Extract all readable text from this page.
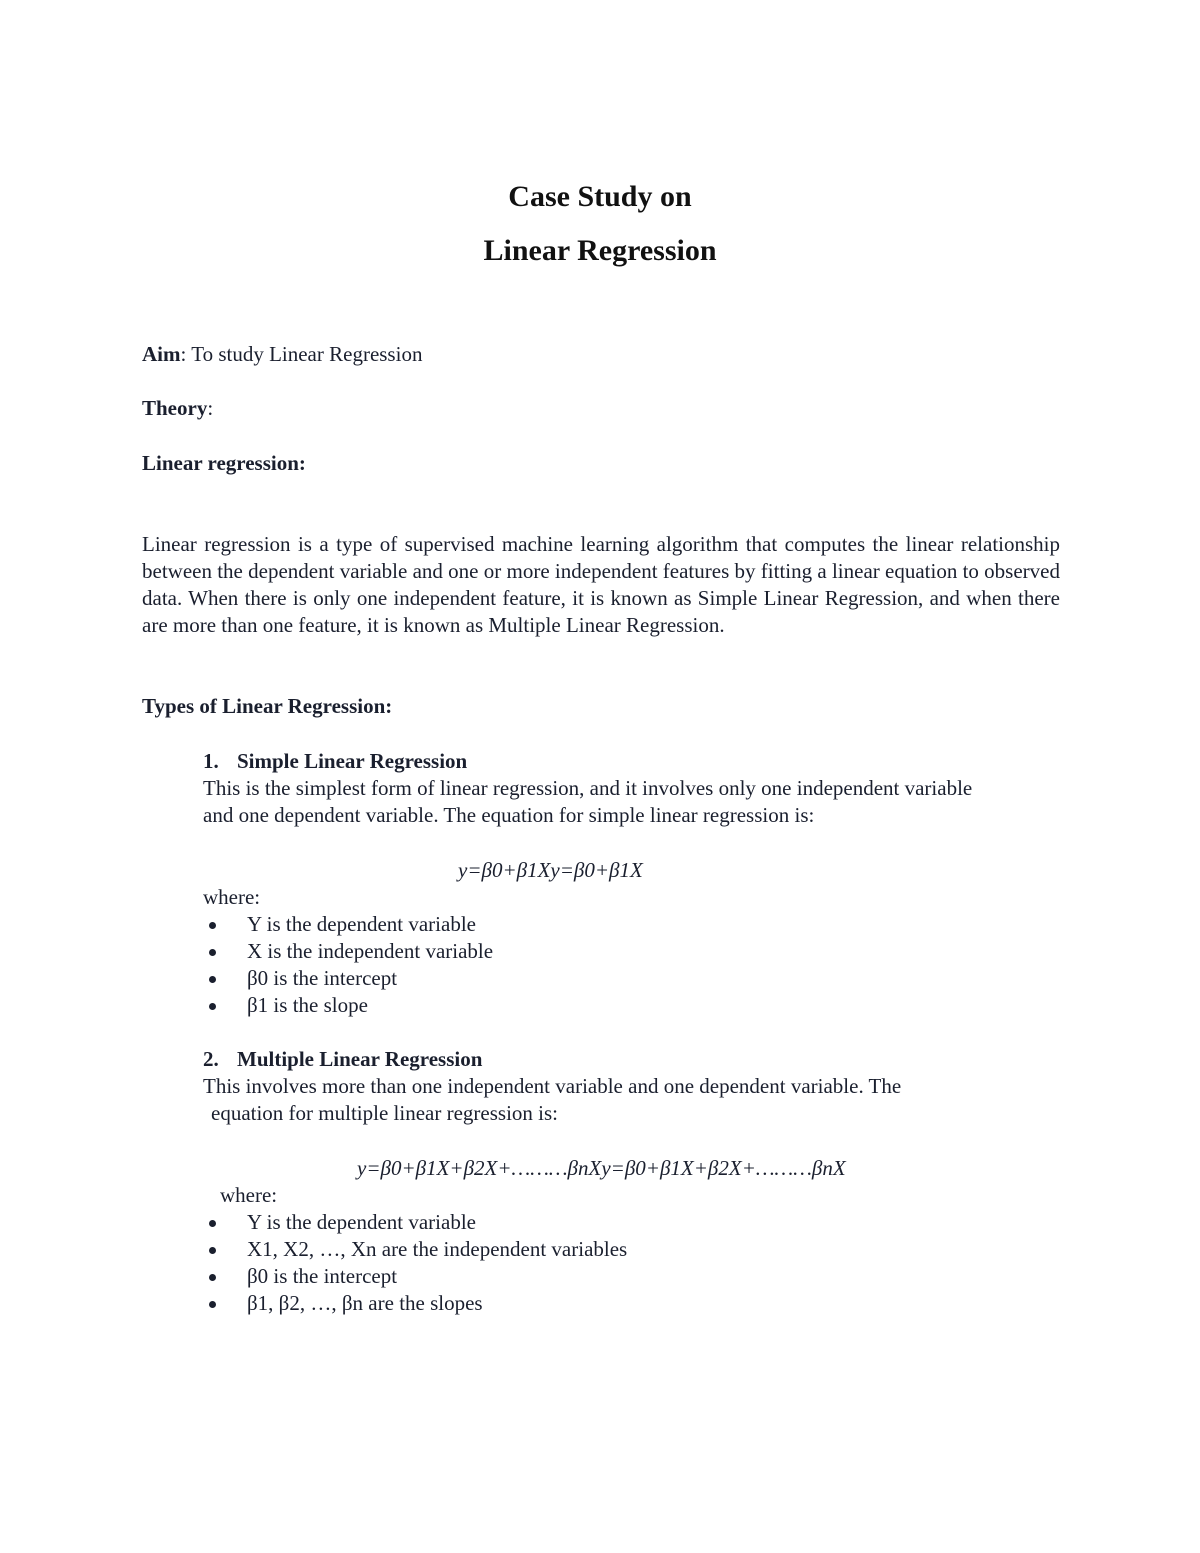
Case Study on
Linear Regression
Aim: To study Linear Regression
Theory:
Linear regression:
Linear regression is a type of supervised machine learning algorithm that computes the linear relationship between the dependent variable and one or more independent features by fitting a linear equation to observed data. When there is only one independent feature, it is known as Simple Linear Regression, and when there are more than one feature, it is known as Multiple Linear Regression.
Types of Linear Regression:
1. Simple Linear Regression
This is the simplest form of linear regression, and it involves only one independent variable and one dependent variable. The equation for simple linear regression is:
y=β0+β1Xy=β0+β1X
where:
Y is the dependent variable
X is the independent variable
β0 is the intercept
β1 is the slope
2. Multiple Linear Regression
This involves more than one independent variable and one dependent variable. The
equation for multiple linear regression is:
y=β0+β1X+β2X+………βnXy=β0+β1X+β2X+………βnX
where:
Y is the dependent variable
X1, X2, …, Xn are the independent variables
β0 is the intercept
β1, β2, …, βn are the slopes
